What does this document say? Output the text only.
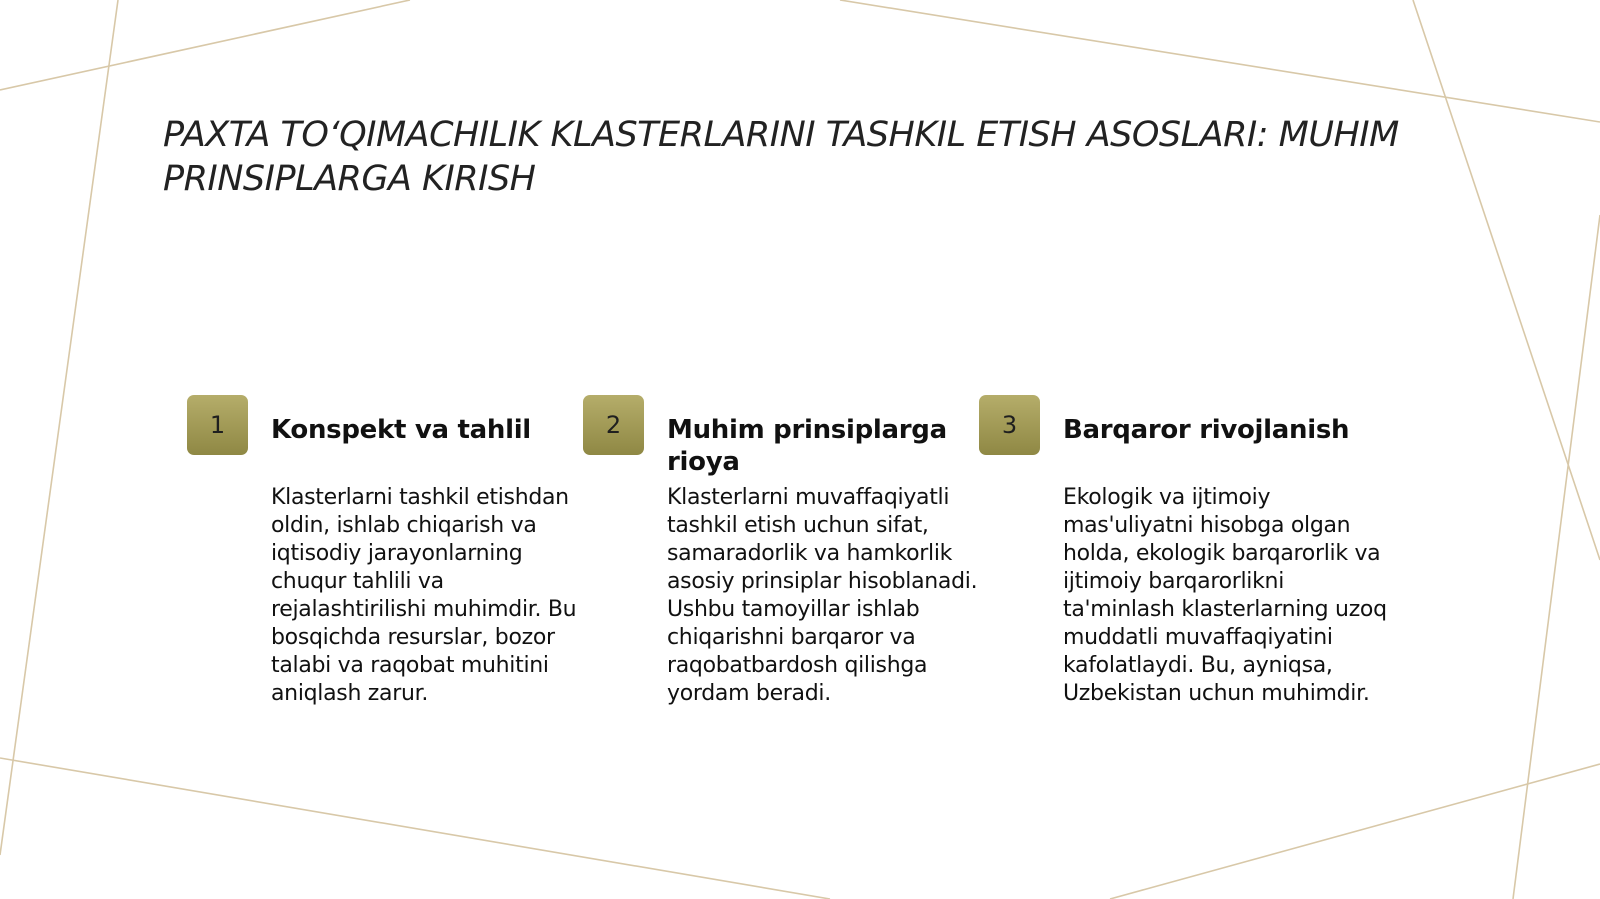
PAXTA TO‘QIMACHILIK KLASTERLARINI TASHKIL ETISH ASOSLARI: MUHIM PRINSIPLARGA KIRISH
1	Konspekt va tahlil

Klasterlarni tashkil etishdan oldin, ishlab chiqarish va iqtisodiy jarayonlarning chuqur tahlili va rejalashtirilishi muhimdir. Bu bosqichda resurslar, bozor talabi va raqobat muhitini aniqlash zarur.

2	Muhim prinsiplarga rioya

Klasterlarni muvaffaqiyatli tashkil etish uchun sifat, samaradorlik va hamkorlik asosiy prinsiplar hisoblanadi. Ushbu tamoyillar ishlab chiqarishni barqaror va raqobatbardosh qilishga yordam beradi.

3	Barqaror rivojlanish

Ekologik va ijtimoiy mas'uliyatni hisobga olgan holda, ekologik barqarorlik va ijtimoiy barqarorlikni ta'minlash klasterlarning uzoq muddatli muvaffaqiyatini kafolatlaydi. Bu, ayniqsa, Uzbekistan uchun muhimdir.
